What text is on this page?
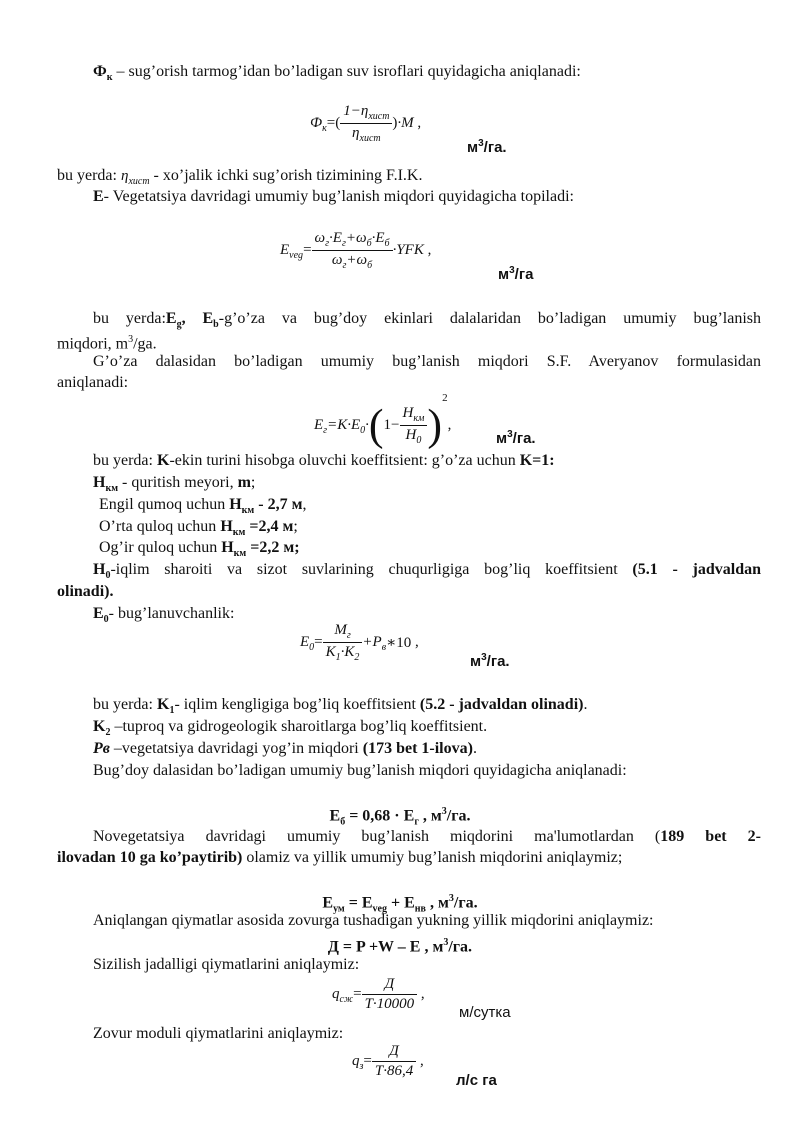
$Ф_к$ – sug’orish tarmog’idan bo’ladigan suv isroflari quyidagicha aniqlanadi:
$Ф_к=( \frac{1-\eta_{хист}}{\eta_{хист}} )\cdot M$ ,
$м^3/га$.
bu yerda: $\eta_{хист}$ - xo’jalik ichki sug’orish tizimining F.I.K.
E- Vegetatsiya davridagi umumiy bug’lanish miqdori quyidagicha topiladi:
$E_{veg}= \frac{\omega_г\cdot E_г+\omega_б\cdot E_б}{\omega_г+\omega_б} \cdot YFK$ ,
$м^3/га$
bu $yerda:E_g$, $E_b-g’o’za$ va bug’doy ekinlari dalalaridan bo’ladigan umumiy bug’lanish
miqdori, $m^3/ga$.
G’o’za dalasidan bo’ladigan umumiy bug’lanish miqdori S.F. Averyanov formulasidan
aniqlanadi:
$E_г=K\cdot E_0\cdot(1- \frac{H_{км}}{H_0} )^2$,
$м^3/га$.
bu yerda: K-ekin turini hisobga oluvchi koeffitsient: g’o’za uchun K=1:
$H_{км}$ - quritish meyori, m;
Engil qumoq uchun $H_{км} - 2,7$ м,
O’rta quloq uchun $H_{км} =2,4$ м;
Og’ir quloq uchun $H_{км} =2,2$ м;
$H_0$-iqlim sharoiti va sizot suvlarining chuqurligiga bog’liq koeffitsient (5.1 - jadvaldan
olinadi).
$E_0-$ bug’lanuvchanlik:
$E_0= \frac{M_г}{K_1\cdot K_2}$ $+P_в∗10$ ,
$м^3/га$.
bu yerda: $K_1-$ iqlim kengligiga bog’liq koeffitsient (5.2 - jadvaldan olinadi).
$K_2$ –tuproq va gidrogeologik sharoitlarga bog’liq koeffitsient.
Pв –vegetatsiya davridagi yog’in miqdori (173 bet 1-ilova).
Bug’doy dalasidan bo’ladigan umumiy bug’lanish miqdori quyidagicha aniqlanadi:
$E_б = 0,68 \cdot E_г$ , $м^3/га$.
Novegetatsiya davridagi umumiy bug’lanish miqdorini ma'lumotlardan (189 bet 2-
ilovadan 10 ga ko’paytirib) olamiz va yillik umumiy bug’lanish miqdorini aniqlaymiz;
$E_{ум} = E_{veg} + E_{нв}$ , $м^3/га$.
Aniqlangan qiymatlar asosida zovurga tushadigan yukning yillik miqdorini aniqlaymiz:
Д = P +W – E , $м^3/га$.
Sizilish jadalligi qiymatlarini aniqlaymiz:
$q_{сж}= \frac{Д}{T\cdot 10000}$ ,
м/сутка
Zovur moduli qiymatlarini aniqlaymiz:
$q_з= \frac{Д}{T\cdot 86,4}$ ,
л/с га
